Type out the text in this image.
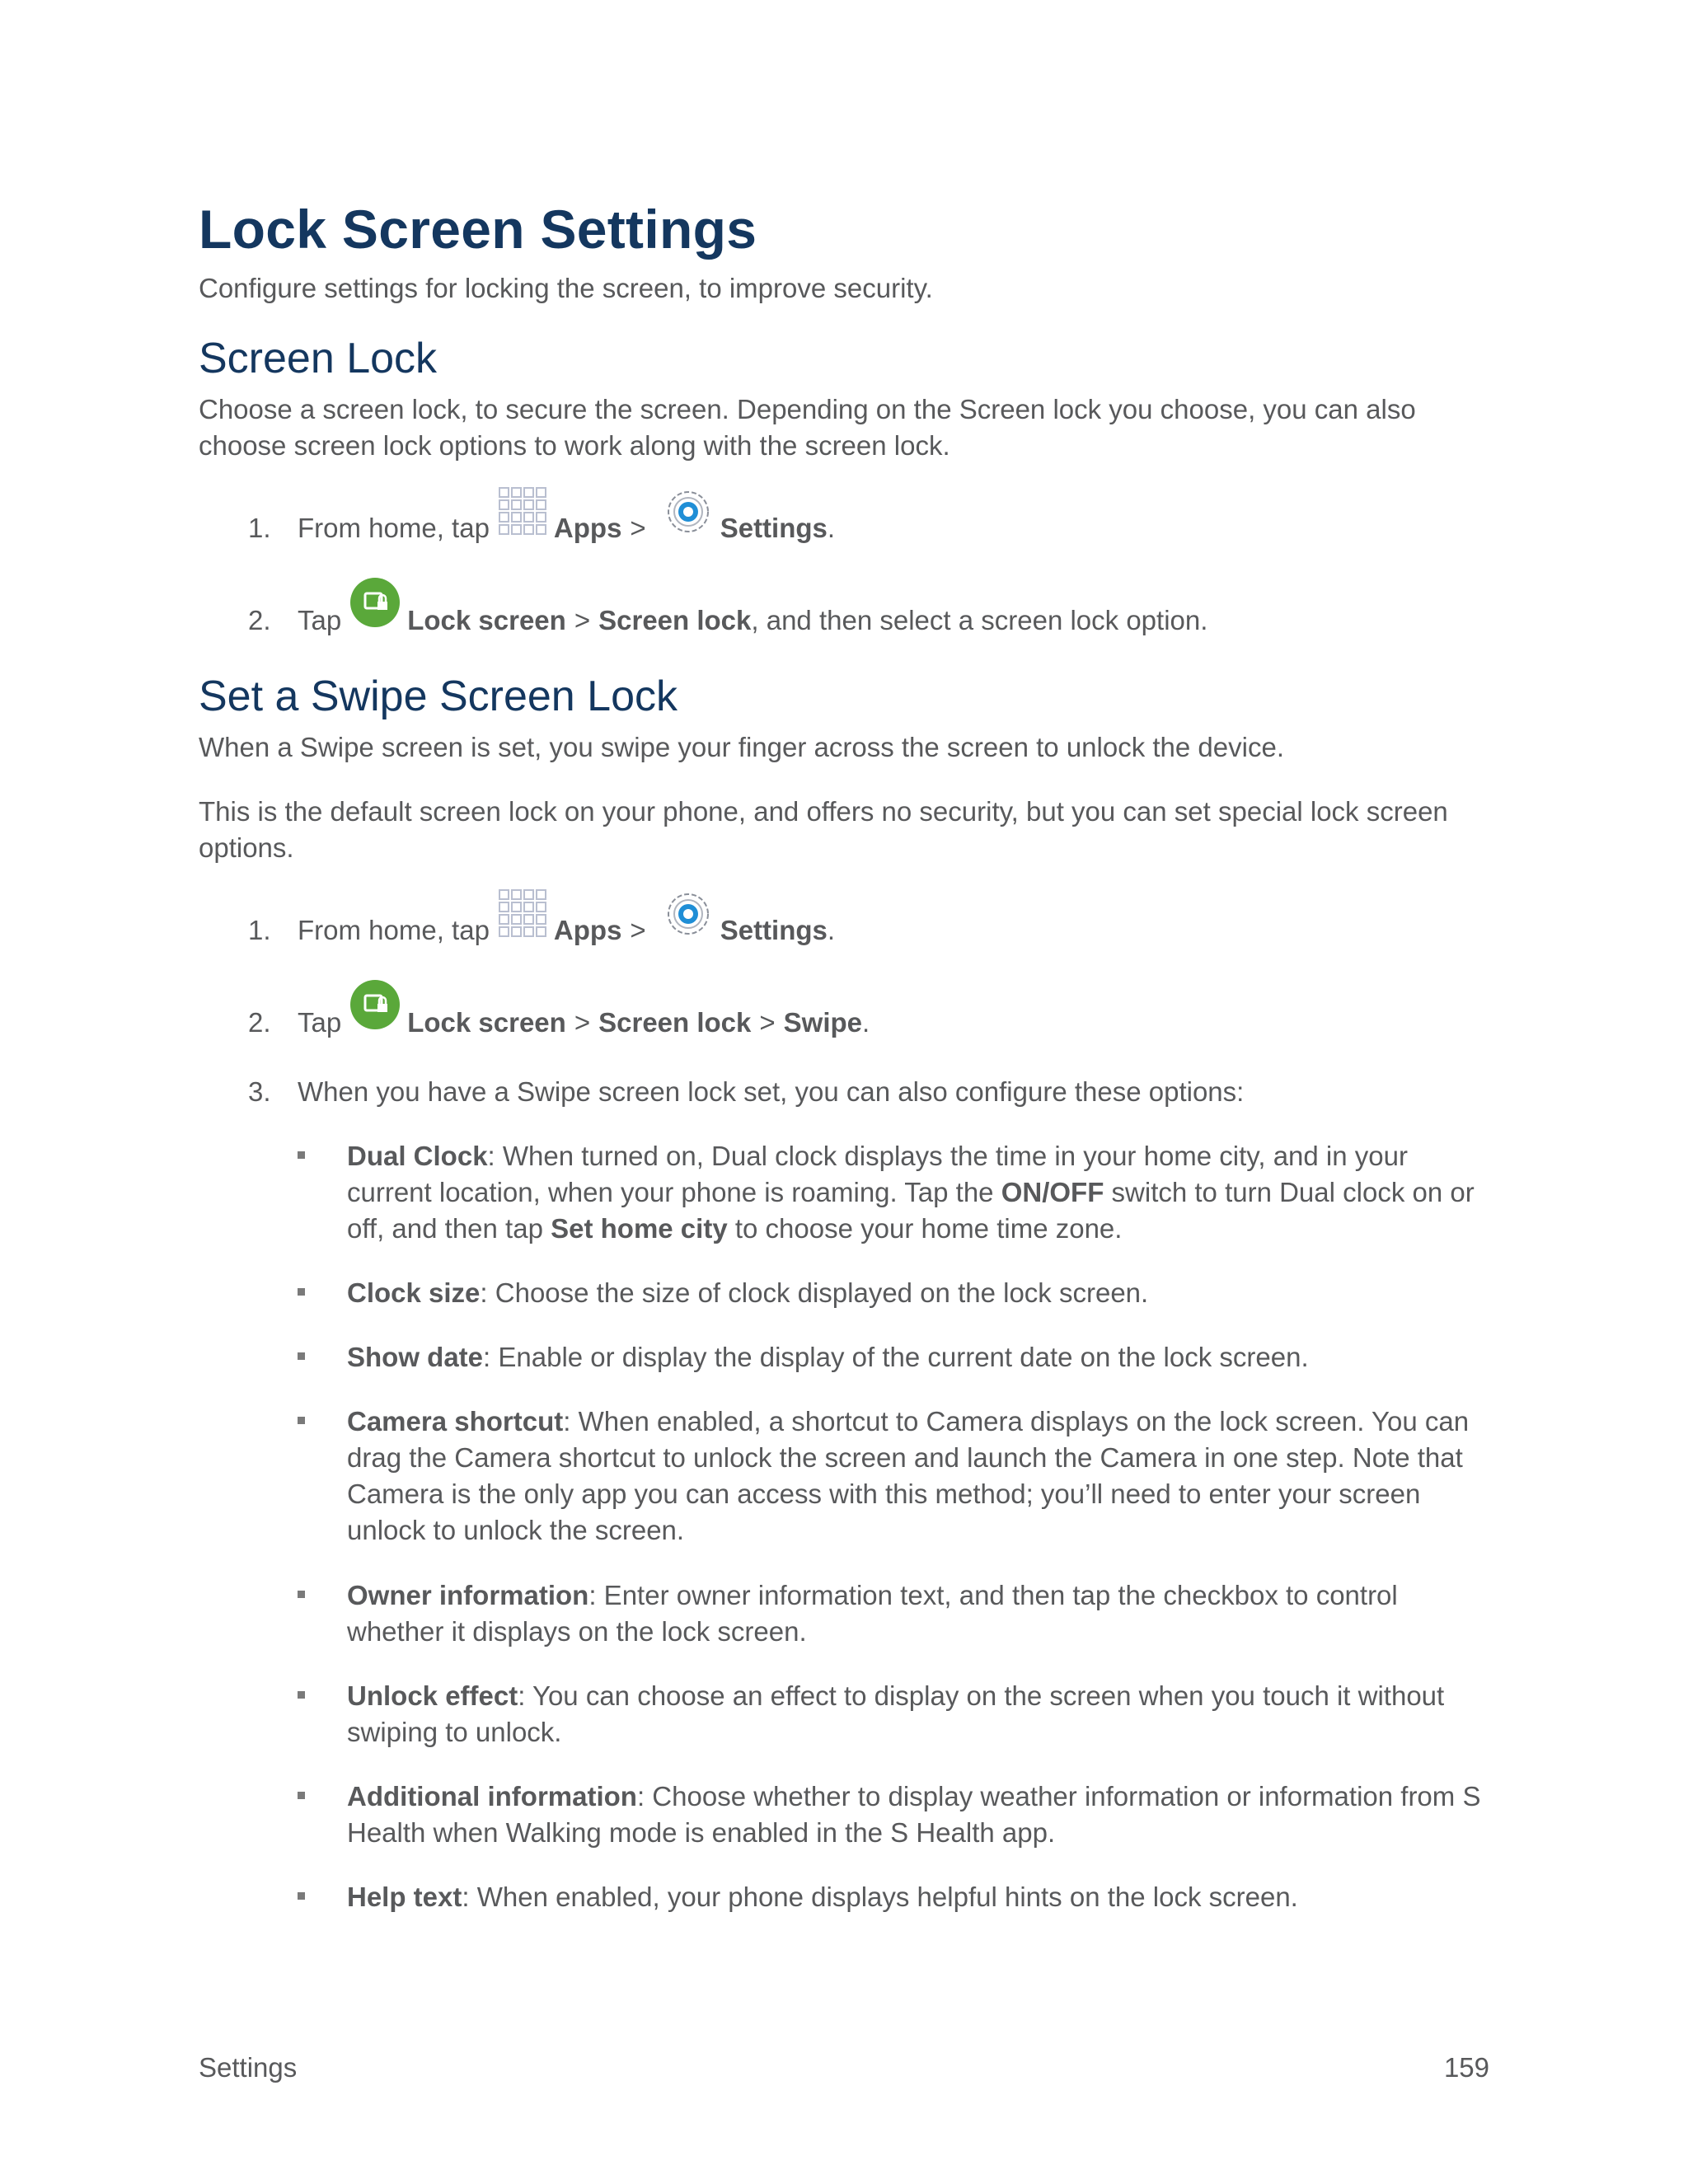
Lock Screen Settings

Configure settings for locking the screen, to improve security.

Screen Lock

Choose a screen lock, to secure the screen. Depending on the Screen lock you choose, you can also choose screen lock options to work along with the screen lock.

1. From home, tap Apps >	Settings .
2. Tap Lock screen > Screen lock , and then select a screen lock option.
Set a Swipe Screen Lock

When a Swipe screen is set, you swipe your finger across the screen to unlock the device.

This is the default screen lock on your phone, and offers no security, but you can set special lock screen options.

1. From home, tap Apps >	Settings .
2. Tap Lock screen > Screen lock > Swipe .
3. When you have a Swipe screen lock set, you can also configure these options:
Dual Clock: When turned on, Dual clock displays the time in your home city, and in your current location, when your phone is roaming. Tap the ON/OFF switch to turn Dual clock on or off, and then tap Set home city to choose your home time zone.
Clock size: Choose the size of clock displayed on the lock screen.
Show date: Enable or display the display of the current date on the lock screen.
Camera shortcut: When enabled, a shortcut to Camera displays on the lock screen. You can drag the Camera shortcut to unlock the screen and launch the Camera in one step. Note that Camera is the only app you can access with this method; you’ll need to enter your screen unlock to unlock the screen.
Owner information: Enter owner information text, and then tap the checkbox to control whether it displays on the lock screen.
Unlock effect: You can choose an effect to display on the screen when you touch it without swiping to unlock.
Additional information: Choose whether to display weather information or information from S Health when Walking mode is enabled in the S Health app.
Help text: When enabled, your phone displays helpful hints on the lock screen.
Settings	159
